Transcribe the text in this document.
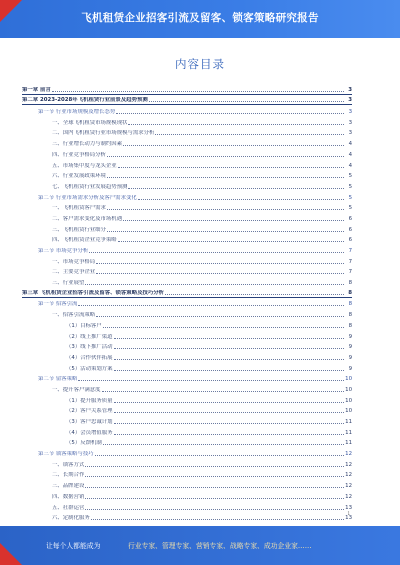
飞机租赁企业招客引流及留客、锁客策略研究报告
内容目录
第一章 前言	3
第二章 2023-2028年飞机租赁行业前景及趋势预测	3
第一节 行业市场规模及增长态势	3
一、全球飞机租赁市场规模现状	3
二、国内飞机租赁行业市场规模与需求分析	3
三、行业增长动力与制约因素	4
四、行业竞争格局分析	4
五、市场集中度与龙头企业	4
六、行业发展政策环境	5
七、飞机租赁行业发展趋势预测	5
第二节 行业市场需求分析及客户需求变化	5
一、飞机租赁客户需求	5
二、客户需求变化及市场机遇	6
三、飞机租赁行业细分	6
四、飞机租赁企业竞争策略	6
第三节 市场竞争分析	7
一、市场竞争格局	7
二、主要竞争企业	7
三、行业展望	8
第三章 飞机租赁企业招客引流及留客、锁客策略及技巧分析	8
第一节 招客引流	8
一、招客引流策略	8
（1）目标客户	8
（2）线上推广渠道	9
（3）线下推广活动	9
（4）合作伙伴拓展	9
（5）活动策划方案	9
第二节 留客策略	10
一、提升客户满意度	10
（1）提升服务质量	10
（2）客户关系管理	10
（3）客户忠诚计划	11
（4）会员增值服务	11
（5）反馈机制	11
第三节 锁客策略与技巧	12
一、锁客方式	12
二、长期合作	12
三、品牌建设	12
四、数据营销	12
五、社群运营	13
六、定制化服务	13
1
让每个人都能成为	行业专家、管理专家、营销专家、战略专家、成功企业家……
